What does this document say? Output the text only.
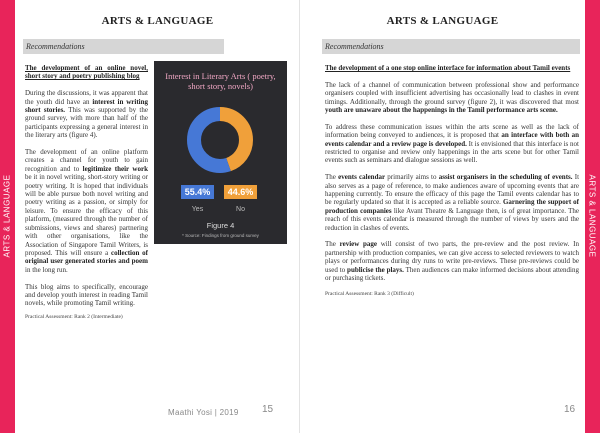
ARTS & LANGUAGE	ARTS & LANGUAGE
ARTS & LANGUAGE
Recommendations

The development of an online novel, short story and poetry publishing blog

During the discussions, it was apparent that the youth did have an interest in writing short stories. This was supported by the ground survey, with more than half of the participants expressing a general interest in the literary arts (figure 4).

The development of an online platform creates a channel for youth to gain recognition and to legitimize their work be it in novel writing, short-story writing or poetry writing. It is hoped that individuals will be able pursue both novel writing and poetry writing as a passion, or simply for leisure. To ensure the efficacy of this platform, (measured through the number of submissions, views and shares) partnering with other organisations, like the Association of Singapore Tamil Writers, is proposed. This will ensure a collection of original user generated stories and poem in the long run.

This blog aims to specifically, encourage and develop youth interest in reading Tamil novels, while promoting Tamil writing.

Practical Assessment: Rank 2 (Intermediate)

Interest in Literary Arts ( poetry, short story, novels)
55.4%	44.6%
Yes	No
Figure 4
* Source: Findings from ground survey
Maathi Yosi | 2019 15
ARTS & LANGUAGE
Recommendations

The development of a one stop online interface for information about Tamil events

The lack of a channel of communication between professional show and performance organisers coupled with insufficient advertising has occasionally lead to clashes in event timings. Additionally, through the ground survey (figure 2), it was discovered that most youth are unaware about the happenings in the Tamil performance arts scene.

To address these communication issues within the arts scene as well as the lack of information being conveyed to audiences, it is proposed that an interface with both an events calendar and a review page is developed. It is envisioned that this interface is not restricted to organise and review only happenings in the arts scene but for other Tamil events such as seminars and dialogue sessions as well.

The events calendar primarily aims to assist organisers in the scheduling of events. It also serves as a page of reference, to make audiences aware of upcoming events that are happening currently. To ensure the efficacy of this page the Tamil events calendar has to be regularly updated so that it is accepted as a reliable source. Garnering the support of production companies like Avant Theatre & Language then, is of great importance. The reach of this events calendar is measured through the number of views by users and the reduction in clashes of events.

The review page will consist of two parts, the pre-review and the post review. In partnership with production companies, we can give access to selected reviewers to watch plays or performances during dry runs to write pre-reviews. These pre-reviews could be used to publicise the plays. Then audiences can make informed decisions about attending or purchasing tickets.

Practical Assessment: Rank 3 (Difficult)

16
